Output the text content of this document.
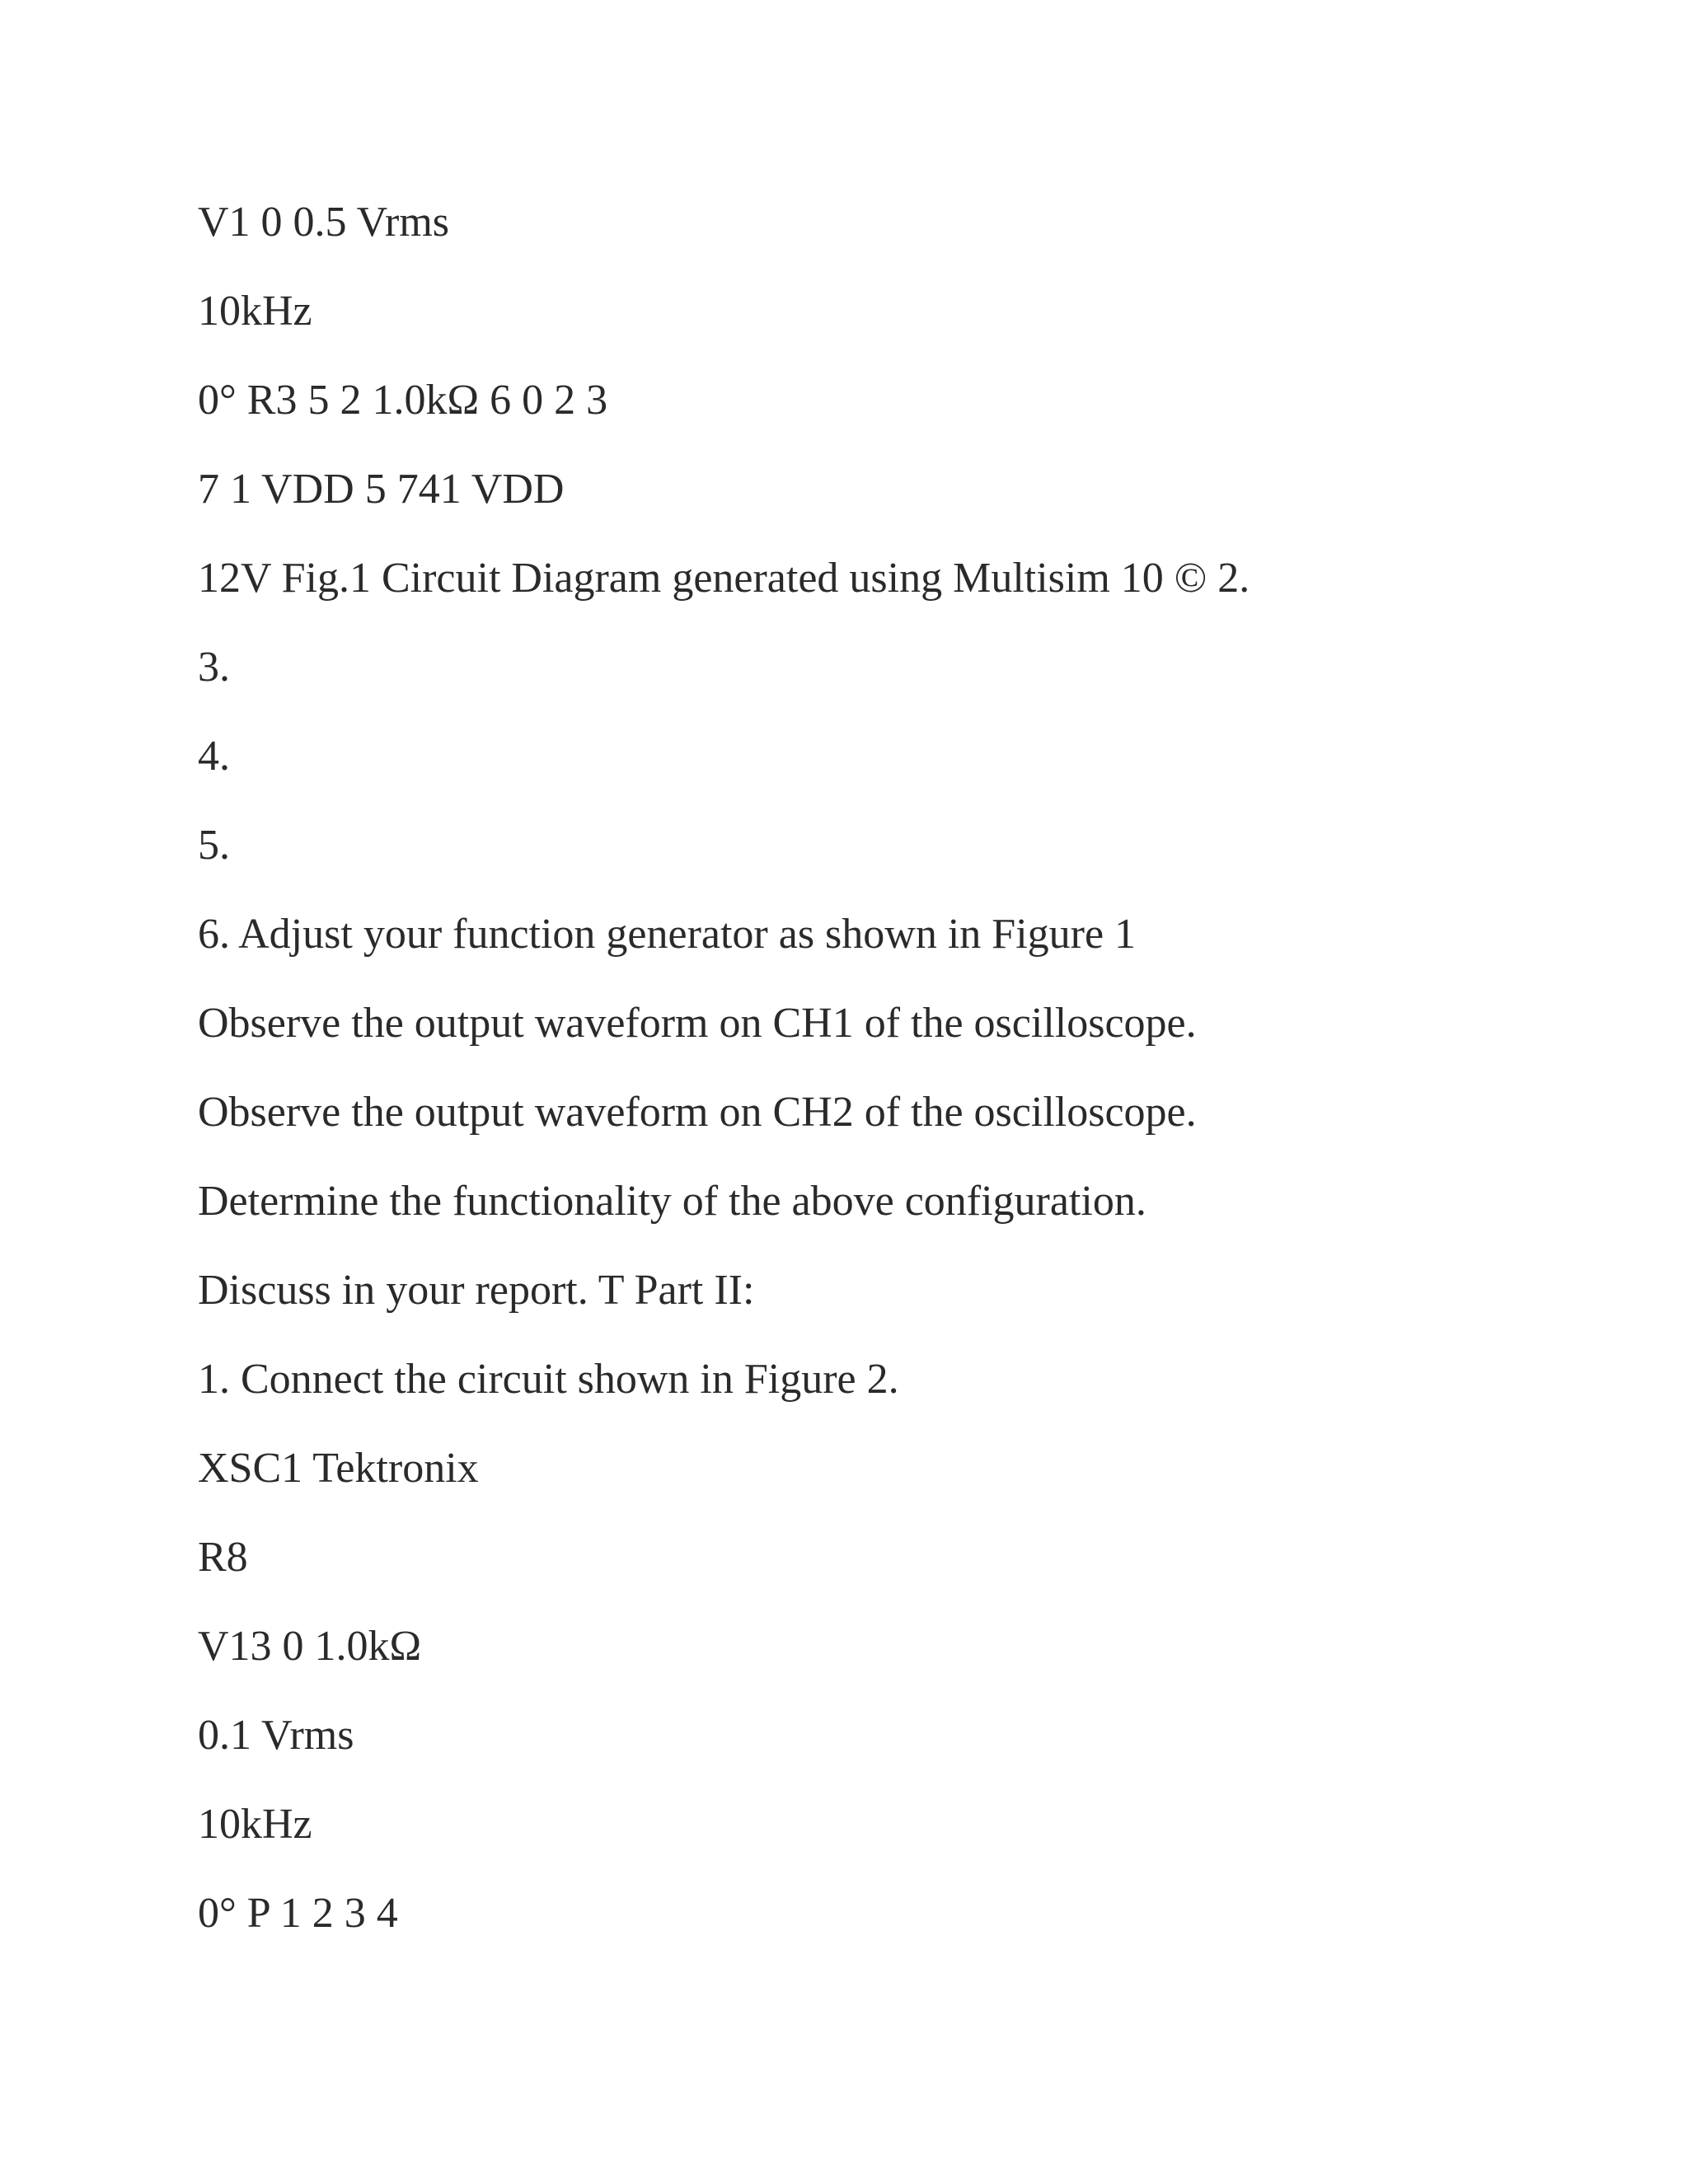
V1 0 0.5 Vrms
10kHz
0° R3 5 2 1.0kΩ 6 0 2 3
7 1 VDD 5 741 VDD
12V Fig.1 Circuit Diagram generated using Multisim 10 © 2.
3.
4.
5.
6. Adjust your function generator as shown in Figure 1
Observe the output waveform on CH1 of the oscilloscope.
Observe the output waveform on CH2 of the oscilloscope.
Determine the functionality of the above configuration.
Discuss in your report. T Part II:
1. Connect the circuit shown in Figure 2.
XSC1 Tektronix
R8
V13 0 1.0kΩ
0.1 Vrms
10kHz
0° P 1 2 3 4
